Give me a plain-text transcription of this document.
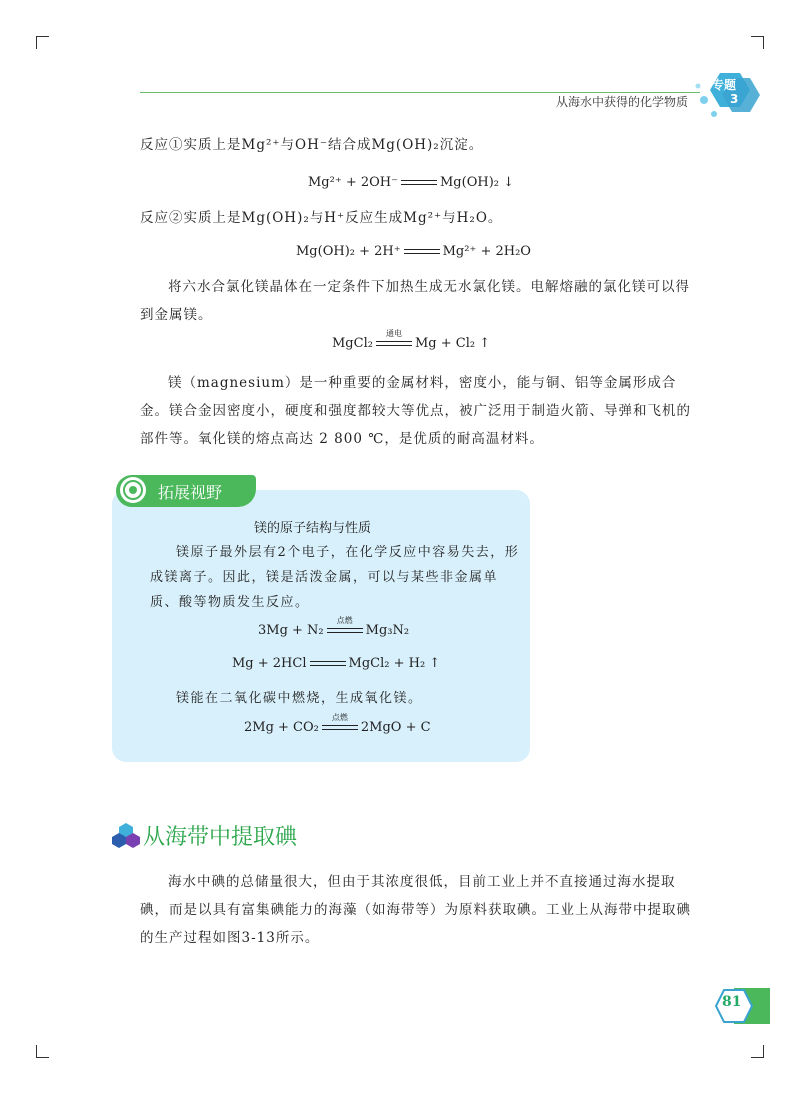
从海水中获得的化学物质
专题
3
反应①实质上是Mg²⁺与OH⁻结合成Mg(OH)₂沉淀。
Mg²⁺ + 2OH⁻	Mg(OH)₂ ↓
反应②实质上是Mg(OH)₂与H⁺反应生成Mg²⁺与H₂O。
Mg(OH)₂ + 2H⁺	Mg²⁺ + 2H₂O
将六水合氯化镁晶体在一定条件下加热生成无水氯化镁。电解熔融的氯化镁可以得到金属镁。
MgCl₂
通电
Mg + Cl₂ ↑
镁（magnesium）是一种重要的金属材料，密度小，能与铜、铝等金属形成合金。镁合金因密度小，硬度和强度都较大等优点，被广泛用于制造火箭、导弹和飞机的部件等。氧化镁的熔点高达 2 800 ℃，是优质的耐高温材料。
拓展视野
镁的原子结构与性质
镁原子最外层有2个电子，在化学反应中容易失去，形成镁离子。因此，镁是活泼金属，可以与某些非金属单质、酸等物质发生反应。
3Mg + N₂
点燃
Mg₃N₂
Mg + 2HCl	MgCl₂ + H₂ ↑
镁能在二氧化碳中燃烧，生成氧化镁。
2Mg + CO₂
点燃
2MgO + C
从海带中提取碘
海水中碘的总储量很大，但由于其浓度很低，目前工业上并不直接通过海水提取碘，而是以具有富集碘能力的海藻（如海带等）为原料获取碘。工业上从海带中提取碘的生产过程如图3-13所示。
81
